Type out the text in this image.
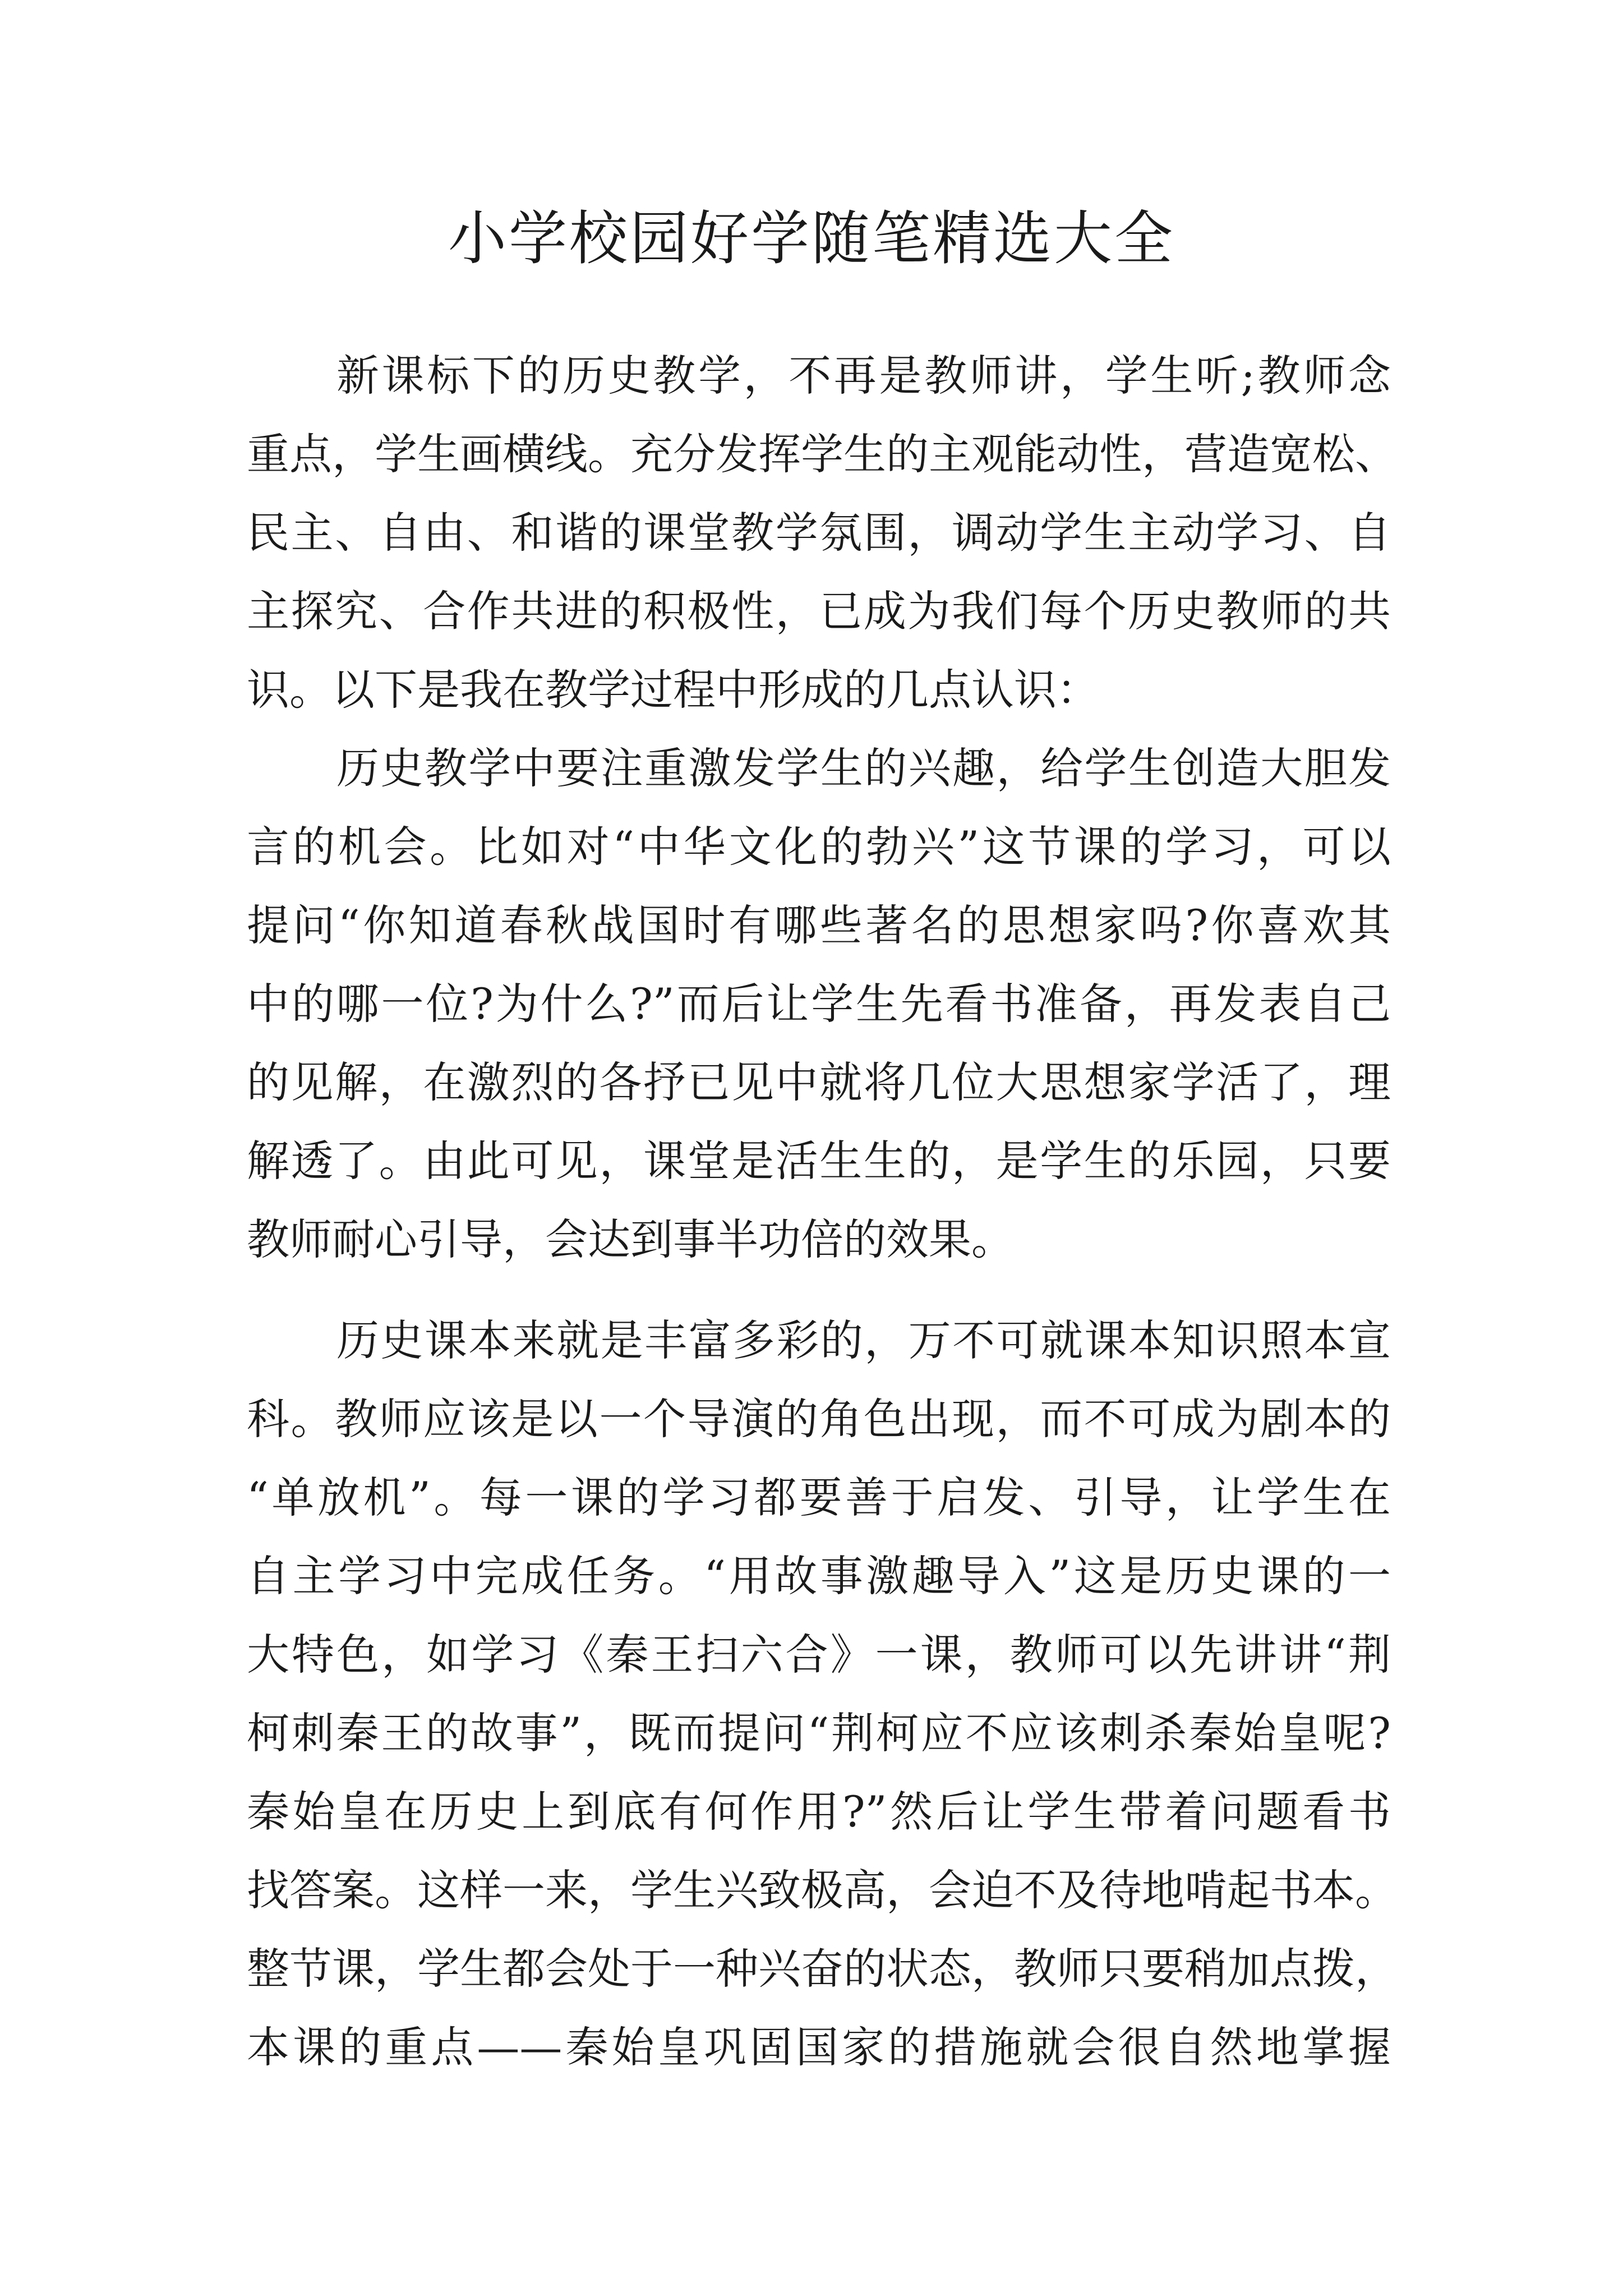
小学校园好学随笔精选大全
新课标下的历史教学，不再是教师讲，学生听;教师念
重点，学生画横线。充分发挥学生的主观能动性，营造宽松、
民主、自由、和谐的课堂教学氛围，调动学生主动学习、自
主探究、合作共进的积极性，已成为我们每个历史教师的共
识。以下是我在教学过程中形成的几点认识：
历史教学中要注重激发学生的兴趣，给学生创造大胆发
言的机会。比如对“中华文化的勃兴”这节课的学习，可以
提问“你知道春秋战国时有哪些著名的思想家吗?你喜欢其
中的哪一位?为什么?”而后让学生先看书准备，再发表自己
的见解，在激烈的各抒已见中就将几位大思想家学活了，理
解透了。由此可见，课堂是活生生的，是学生的乐园，只要
教师耐心引导，会达到事半功倍的效果。
历史课本来就是丰富多彩的，万不可就课本知识照本宣
科。教师应该是以一个导演的角色出现，而不可成为剧本的
“单放机”。每一课的学习都要善于启发、引导，让学生在
自主学习中完成任务。“用故事激趣导入”这是历史课的一
大特色，如学习《秦王扫六合》一课，教师可以先讲讲“荆
柯刺秦王的故事”，既而提问“荆柯应不应该刺杀秦始皇呢?
秦始皇在历史上到底有何作用?”然后让学生带着问题看书
找答案。这样一来，学生兴致极高，会迫不及待地啃起书本。
整节课，学生都会处于一种兴奋的状态，教师只要稍加点拨，
本课的重点——秦始皇巩固国家的措施就会很自然地掌握
